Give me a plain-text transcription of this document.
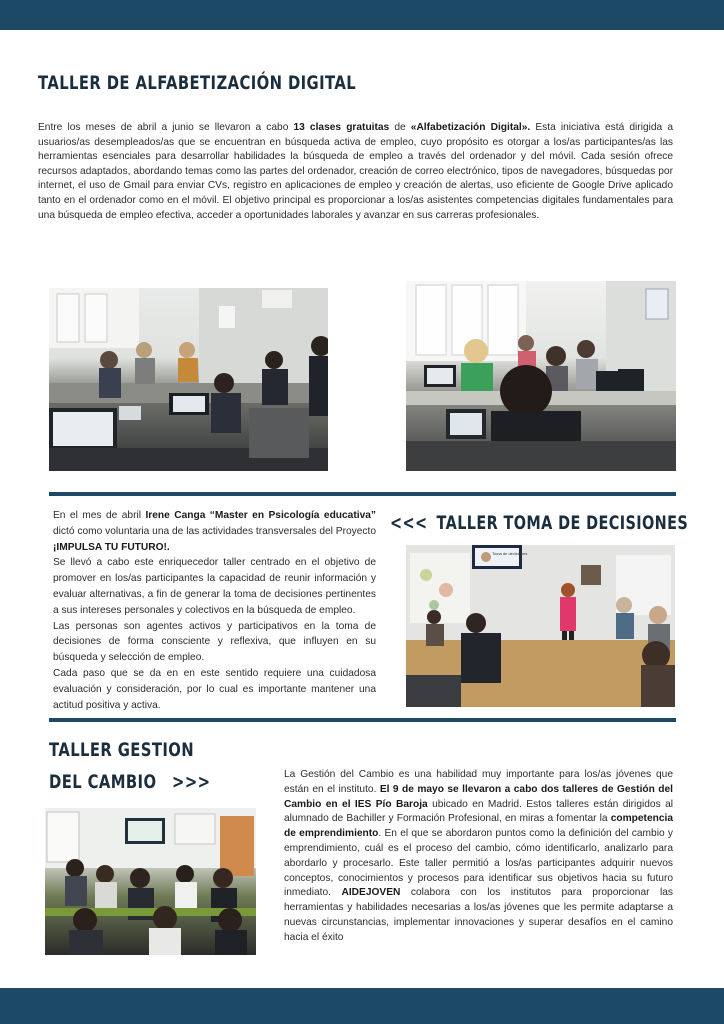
TALLER DE ALFABETIZACIÓN DIGITAL

Entre los meses de abril a junio se llevaron a cabo 13 clases gratuitas de «Alfabetización Digital». Esta iniciativa está dirigida a usuarios/as desempleados/as que se encuentran en búsqueda activa de empleo, cuyo propósito es otorgar a los/as participantes/as las herramientas esenciales para desarrollar habilidades la búsqueda de empleo a través del ordenador y del móvil. Cada sesión ofrece recursos adaptados, abordando temas como las partes del ordenador, creación de correo electrónico, tipos de navegadores, búsquedas por internet, el uso de Gmail para enviar CVs, registro en aplicaciones de empleo y creación de alertas, uso eficiente de Google Drive aplicado tanto en el ordenador como en el móvil. El objetivo principal es proporcionar a los/as asistentes competencias digitales fundamentales para una búsqueda de empleo efectiva, acceder a oportunidades laborales y avanzar en sus carreras profesionales.

En el mes de abril Irene Canga “Master en Psicología educativa” dictó como voluntaria una de las actividades transversales del Proyecto ¡IMPULSA TU FUTURO!.
Se llevó a cabo este enriquecedor taller centrado en el objetivo de promover en los/as participantes la capacidad de reunir información y evaluar alternativas, a fin de generar la toma de decisiones pertinentes a sus intereses personales y colectivos en la búsqueda de empleo.
Las personas son agentes activos y participativos en la toma de decisiones de forma consciente y reflexiva, que influyen en su búsqueda y selección de empleo.
Cada paso que se da en en este sentido requiere una cuidadosa evaluación y consideración, por lo cual es importante mantener una actitud positiva y activa.
<<< TALLER TOMA DE DECISIONES
Toma de decisiones
TALLER GESTION
DEL CAMBIO >>>	La Gestión del Cambio es una habilidad muy importante para los/as jóvenes que están en el instituto. El 9 de mayo se llevaron a cabo dos talleres de Gestión del Cambio en el IES Pío Baroja ubicado en Madrid. Estos talleres están dirigidos al alumnado de Bachiller y Formación Profesional, en miras a fomentar la competencia de emprendimiento. En el que se abordaron puntos como la definición del cambio y emprendimiento, cuál es el proceso del cambio, cómo identificarlo, analizarlo para abordarlo y procesarlo. Este taller permitió a los/as participantes adquirir nuevos conceptos, conocimientos y procesos para identificar sus objetivos hacia su futuro inmediato. AIDEJOVEN colabora con los institutos para proporcionar las herramientas y habilidades necesarias a los/as jóvenes que les permite adaptarse a nuevas circunstancias, implementar innovaciones y superar desafíos en el camino hacia el éxito
